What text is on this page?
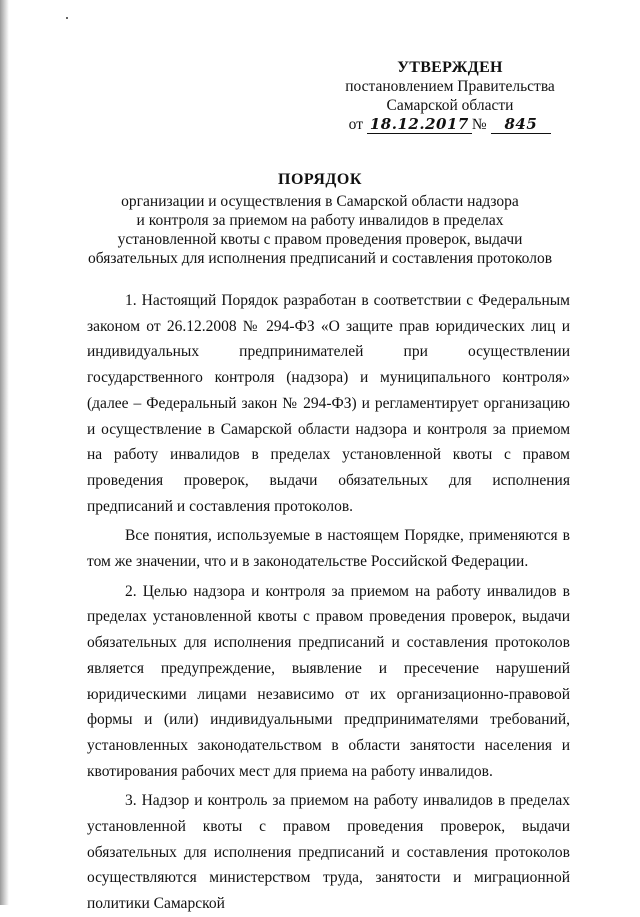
УТВЕРЖДЕН
постановлением Правительства
Самарской области
от 18.12.2017 № 845
ПОРЯДОК
организации и осуществления в Самарской области надзора
и контроля за приемом на работу инвалидов в пределах
установленной квоты с правом проведения проверок, выдачи
обязательных для исполнения предписаний и составления протоколов

1. Настоящий Порядок разработан в соответствии с Федеральным законом от 26.12.2008 № 294-ФЗ «О защите прав юридических лиц и индивидуальных предпринимателей при осуществлении государственного контроля (надзора) и муниципального контроля» (далее – Федеральный закон № 294-ФЗ) и регламентирует организацию и осуществление в Самарской области надзора и контроля за приемом на работу инвалидов в пределах установленной квоты с правом проведения проверок, выдачи обязательных для исполнения предписаний и составления протоколов.

Все понятия, используемые в настоящем Порядке, применяются в том же значении, что и в законодательстве Российской Федерации.

2. Целью надзора и контроля за приемом на работу инвалидов в пределах установленной квоты с правом проведения проверок, выдачи обязательных для исполнения предписаний и составления протоколов является предупреждение, выявление и пресечение нарушений юридическими лицами независимо от их организационно-правовой формы и (или) индивидуальными предпринимателями требований, установленных законодательством в области занятости населения и квотирования рабочих мест для приема на работу инвалидов.

3. Надзор и контроль за приемом на работу инвалидов в пределах установленной квоты с правом проведения проверок, выдачи обязательных для исполнения предписаний и составления протоколов осуществляются министерством труда, занятости и миграционной политики Самарской
